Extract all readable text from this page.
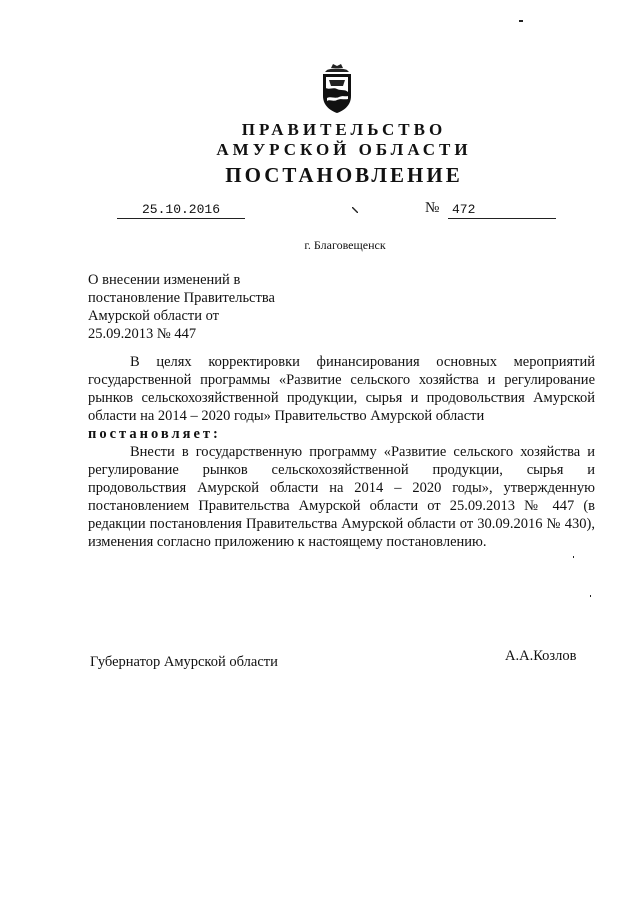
ПРАВИТЕЛЬСТВО
АМУРСКОЙ ОБЛАСТИ
ПОСТАНОВЛЕНИЕ
25.10.2016	№ 472
г. Благовещенск
О внесении изменений в
постановление Правительства
Амурской области от
25.09.2013 № 447

В целях корректировки финансирования основных мероприятий государственной программы «Развитие сельского хозяйства и регулирование рынков сельскохозяйственной продукции, сырья и продовольствия Амурской области на 2014 – 2020 годы» Правительство Амурской области

постановляет:

Внести в государственную программу «Развитие сельского хозяйства и регулирование рынков сельскохозяйственной продукции, сырья и продовольствия Амурской области на 2014 – 2020 годы», утвержденную постановлением Правительства Амурской области от 25.09.2013 № 447 (в редакции постановления Правительства Амурской области от 30.09.2016 № 430), изменения согласно приложению к настоящему постановлению.

Губернатор Амурской области	А.А.Козлов
